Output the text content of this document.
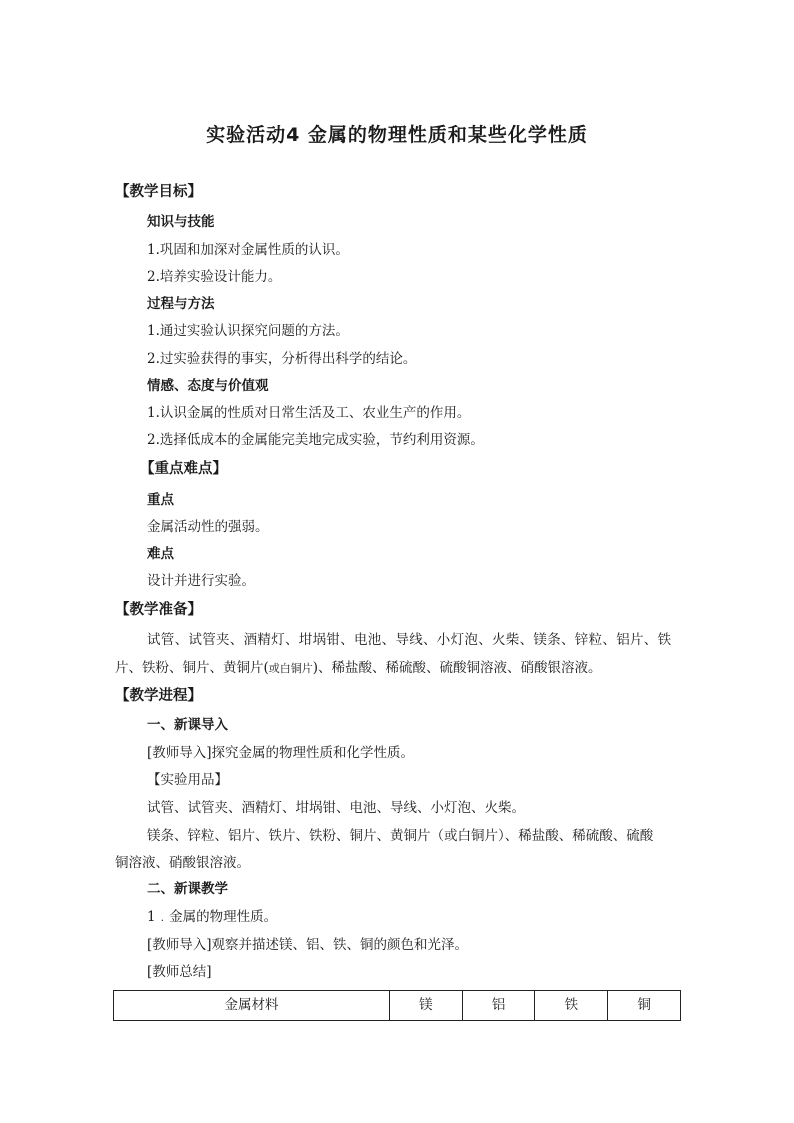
实验活动4 金属的物理性质和某些化学性质
【教学目标】
知识与技能
1.巩固和加深对金属性质的认识。
2.培养实验设计能力。
过程与方法
1.通过实验认识探究问题的方法。
2.过实验获得的事实，分析得出科学的结论。
情感、态度与价值观
1.认识金属的性质对日常生活及工、农业生产的作用。
2.选择低成本的金属能完美地完成实验，节约利用资源。
【重点难点】
重点
金属活动性的强弱。
难点
设计并进行实验。
【教学准备】
试管、试管夹、酒精灯、坩埚钳、电池、导线、小灯泡、火柴、镁条、锌粒、铝片、铁
片、铁粉、铜片、黄铜片(或白铜片)、稀盐酸、稀硫酸、硫酸铜溶液、硝酸银溶液。
【教学进程】
一、新课导入
[教师导入]探究金属的物理性质和化学性质。
【实验用品】
试管、试管夹、酒精灯、坩埚钳、电池、导线、小灯泡、火柴。
镁条、锌粒、铝片、铁片、铁粉、铜片、黄铜片（或白铜片）、稀盐酸、稀硫酸、硫酸
铜溶液、硝酸银溶液。
二、新课教学
1﹒金属的物理性质。
[教师导入]观察并描述镁、铝、铁、铜的颜色和光泽。
[教师总结]
金属材料	镁	铝	铁	铜
